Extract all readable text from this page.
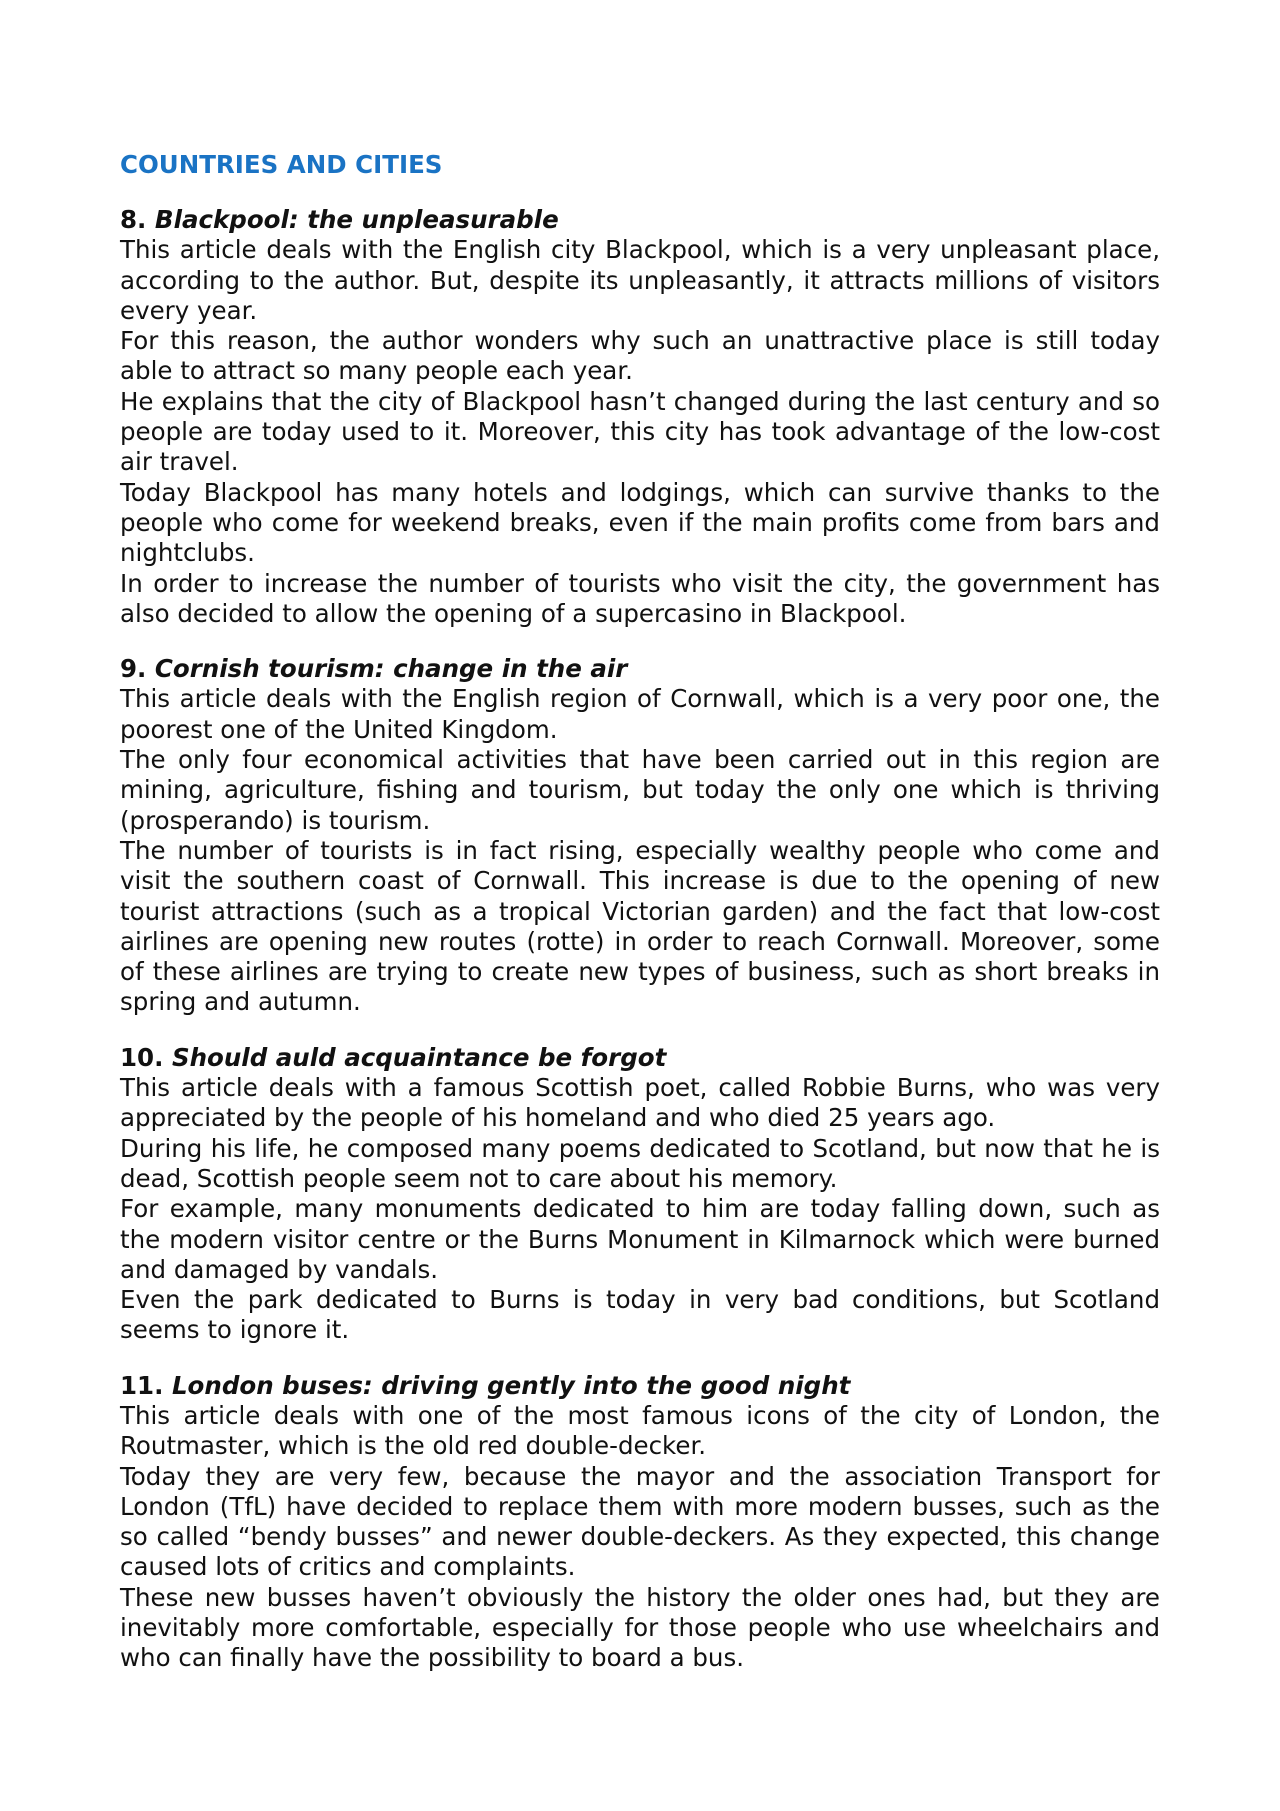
COUNTRIES AND CITIES
8. Blackpool: the unpleasurable

This article deals with the English city Blackpool, which is a very unpleasant place, according to the author. But, despite its unpleasantly, it attracts millions of visitors every year.

For this reason, the author wonders why such an unattractive place is still today able to attract so many people each year.

He explains that the city of Blackpool hasn’t changed during the last century and so people are today used to it. Moreover, this city has took advantage of the low-cost air travel.

Today Blackpool has many hotels and lodgings, which can survive thanks to the people who come for weekend breaks, even if the main profits come from bars and nightclubs.

In order to increase the number of tourists who visit the city, the government has also decided to allow the opening of a supercasino in Blackpool.

9. Cornish tourism: change in the air

This article deals with the English region of Cornwall, which is a very poor one, the poorest one of the United Kingdom.

The only four economical activities that have been carried out in this region are mining, agriculture, fishing and tourism, but today the only one which is thriving (prosperando) is tourism.

The number of tourists is in fact rising, especially wealthy people who come and visit the southern coast of Cornwall. This increase is due to the opening of new tourist attractions (such as a tropical Victorian garden) and the fact that low-cost airlines are opening new routes (rotte) in order to reach Cornwall. Moreover, some of these airlines are trying to create new types of business, such as short breaks in spring and autumn.

10. Should auld acquaintance be forgot

This article deals with a famous Scottish poet, called Robbie Burns, who was very appreciated by the people of his homeland and who died 25 years ago.

During his life, he composed many poems dedicated to Scotland, but now that he is dead, Scottish people seem not to care about his memory.

For example, many monuments dedicated to him are today falling down, such as the modern visitor centre or the Burns Monument in Kilmarnock which were burned and damaged by vandals.

Even the park dedicated to Burns is today in very bad conditions, but Scotland seems to ignore it.

11. London buses: driving gently into the good night

This article deals with one of the most famous icons of the city of London, the Routmaster, which is the old red double-decker.

Today they are very few, because the mayor and the association Transport for London (TfL) have decided to replace them with more modern busses, such as the so called “bendy busses” and newer double-deckers. As they expected, this change caused lots of critics and complaints.

These new busses haven’t obviously the history the older ones had, but they are inevitably more comfortable, especially for those people who use wheelchairs and who can finally have the possibility to board a bus.
